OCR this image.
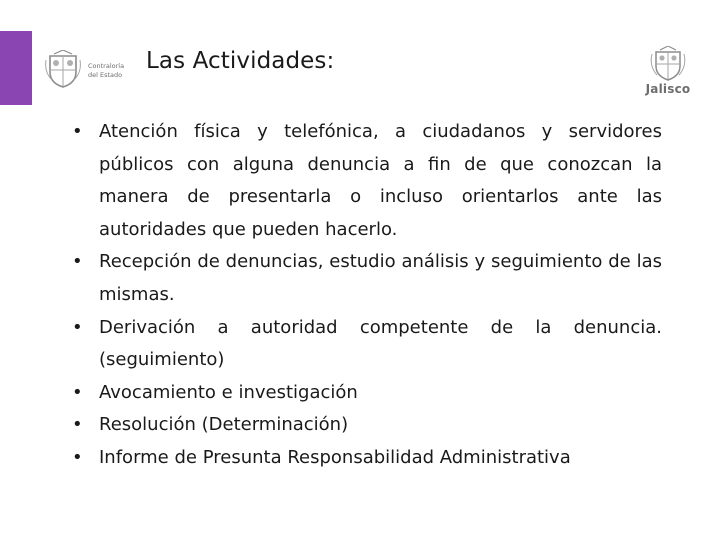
Contraloría
del Estado
Las Actividades:
Jalisco
• Atención física y telefónica, a ciudadanos y servidores públicos con alguna denuncia a fin de que conozcan la manera de presentarla o incluso orientarlos ante las autoridades que pueden hacerlo.
• Recepción de denuncias, estudio análisis y seguimiento de las mismas.
• Derivación a autoridad competente de la denuncia. (seguimiento)
• Avocamiento e investigación
• Resolución (Determinación)
• Informe de Presunta Responsabilidad Administrativa
